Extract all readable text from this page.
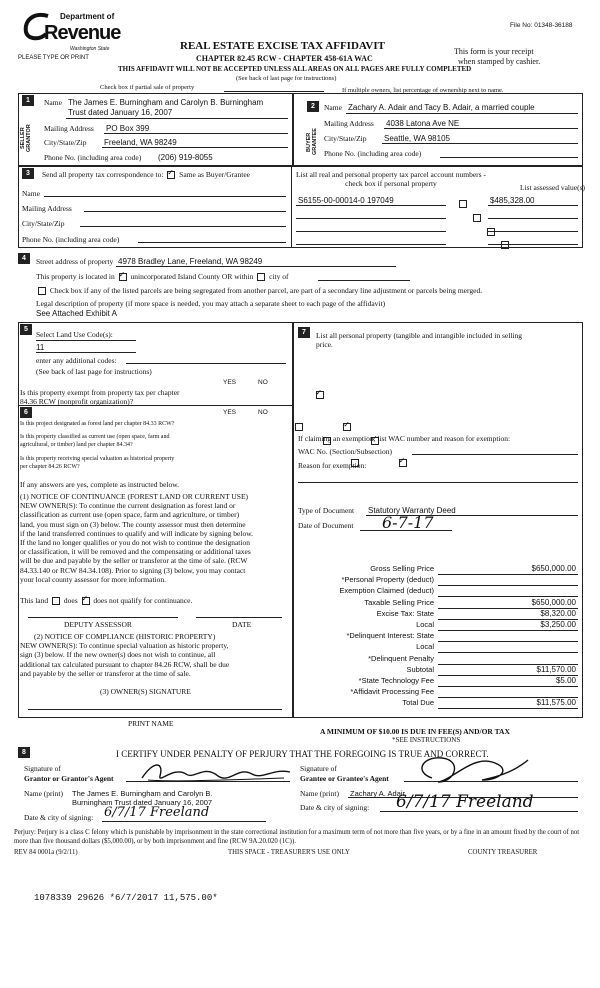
Department of
Revenue
Washington State
PLEASE TYPE OR PRINT
File No: 01348-36188
REAL ESTATE EXCISE TAX AFFIDAVIT
CHAPTER 82.45 RCW - CHAPTER 458-61A WAC
This form is your receipt
when stamped by cashier.
THIS AFFIDAVIT WILL NOT BE ACCEPTED UNLESS ALL AREAS ON ALL PAGES ARE FULLY COMPLETED
(See back of last page for instructions)
Check box if partial sale of property	If multiple owners, list percentage of ownership next to name.
1
SELLER GRANTOR
Name The James E. Burningham and Carolyn B. Burningham
Trust dated January 16, 2007
Mailing Address PO Box 399
City/State/Zip Freeland, WA 98249
Phone No. (including area code) (206) 919-8055
2
BUYER GRANTEE
Name Zachary A. Adair and Tacy B. Adair, a married couple
Mailing Address 4038 Latona Ave NE
City/State/Zip Seattle, WA 98105
Phone No. (including area code)
3	Send all property tax correspondence to: ✓ Same as Buyer/Grantee
Name
Mailing Address
City/State/Zip
Phone No. (including area code)
List all real and personal property tax parcel account numbers - check box if personal property	List assessed value(s)
S6155-00-00014-0 197049
	$485,328.00

4	Street address of property 4978 Bradley Lane, Freeland, WA 98249
This property is located in ✓ unincorporated Island County OR within city of
Check box if any of the listed parcels are being segregated from another parcel, are part of a secondary line adjustment or parcels being merged.
Legal description of property (if more space is needed, you may attach a separate sheet to each page of the affidavit)
See Attached Exhibit A
5
Select Land Use Code(s):
11
enter any additional codes:
(See back of last page for instructions)
YES	NO
Is this property exempt from property tax per chapter
84.36 RCW (nonprofit organization)?
✓
6	YES	NO
Is this project designated as forest land per chapter 84.33 RCW?
✓
Is this property classified as current use (open space, farm and
agricultural, or timber) land per chapter 84.34?
✓
Is this property receiving special valuation as historical property
per chapter 84.26 RCW?
✓
If any answers are yes, complete as instructed below.
(1) NOTICE OF CONTINUANCE (FOREST LAND OR CURRENT USE)
NEW OWNER(S): To continue the current designation as forest land or
classification as current use (open space, farm and agriculture, or timber)
land, you must sign on (3) below. The county assessor must then determine
if the land transferred continues to qualify and will indicate by signing below.
If the land no longer qualifies or you do not wish to continue the designation
or classification, it will be removed and the compensating or additional taxes
will be due and payable by the seller or transferor at the time of sale. (RCW
84.33.140 or RCW 84.34.108). Prior to signing (3) below, you may contact
your local county assessor for more information.
This land does ✓ does not qualify for continuance.
DEPUTY ASSESSOR	DATE
(2) NOTICE OF COMPLIANCE (HISTORIC PROPERTY)
NEW OWNER(S): To continue special valuation as historic property,
sign (3) below. If the new owner(s) does not wish to continue, all
additional tax calculated pursuant to chapter 84.26 RCW, shall be due
and payable by the seller or transferor at the time of sale.
(3) OWNER(S) SIGNATURE
PRINT NAME
7	List all personal property (tangible and intangible included in selling
price.
If claiming an exemption, list WAC number and reason for exemption:
WAC No. (Section/Subsection)
Reason for exemption:
Type of Document Statutory Warranty Deed
Date of Document 6-7-17
Gross Selling Price	$650,000.00
*Personal Property (deduct)
Exemption Claimed (deduct)
Taxable Selling Price	$650,000.00
Excise Tax: State	$8,320.00
Local	$3,250.00
*Delinquent Interest: State
Local
*Delinquent Penalty
Subtotal	$11,570.00
*State Technology Fee	$5.00
*Affidavit Processing Fee
Total Due	$11,575.00
A MINIMUM OF $10.00 IS DUE IN FEE(S) AND/OR TAX
*SEE INSTRUCTIONS
8	I CERTIFY UNDER PENALTY OF PERJURY THAT THE FOREGOING IS TRUE AND CORRECT.
Signature of
Grantor or Grantor's Agent
Name (print) The James E. Burningham and Carolyn B.
Burningham Trust dated January 16, 2007
Date & city of signing: 6/7/17 Freeland
Signature of
Grantee or Grantee's Agent
Name (print) Zachary A. Adair
Date & city of signing: 6/7/17 Freeland
Perjury: Perjury is a class C felony which is punishable by imprisonment in the state correctional institution for a maximum term of not more than five years, or by a fine in an amount fixed by the court of not more than five thousand dollars ($5,000.00), or by both imprisonment and fine (RCW 9A.20.020 (1C)).
REV 84 0001a (9/2/11)	THIS SPACE - TREASURER'S USE ONLY	COUNTY TREASURER
1078339 29626 *6/7/2017 11,575.00*
